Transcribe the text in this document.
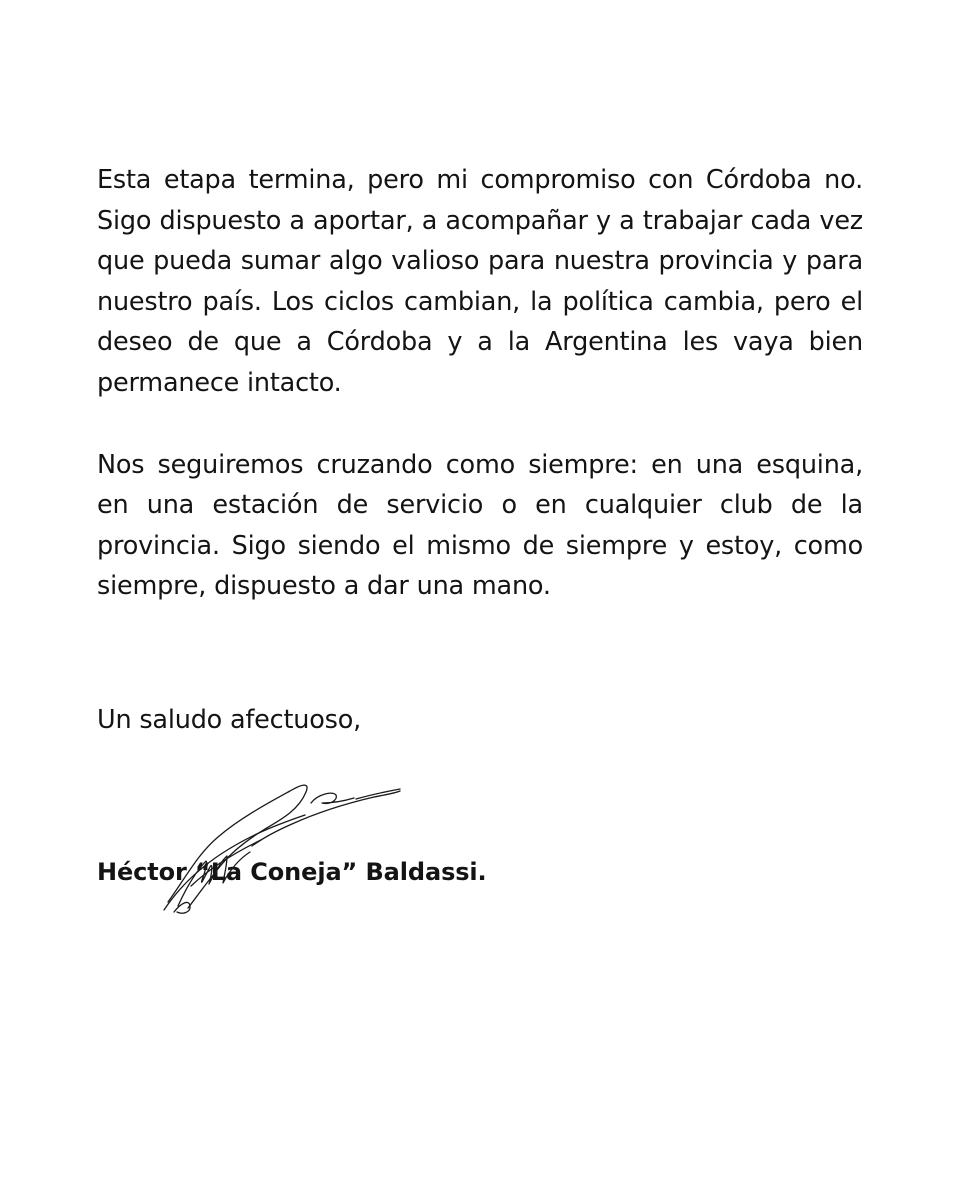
Esta etapa termina, pero mi compromiso con Córdoba no. Sigo dispuesto a aportar, a acompañar y a trabajar cada vez que pueda sumar algo valioso para nuestra provincia y para nuestro país. Los ciclos cambian, la política cambia, pero el deseo de que a Córdoba y a la Argentina les vaya bien permanece intacto.

Nos seguiremos cruzando como siempre: en una esquina, en una estación de servicio o en cualquier club de la provincia. Sigo siendo el mismo de siempre y estoy, como siempre, dispuesto a dar una mano.

Un saludo afectuoso,

Héctor “La Coneja” Baldassi.
